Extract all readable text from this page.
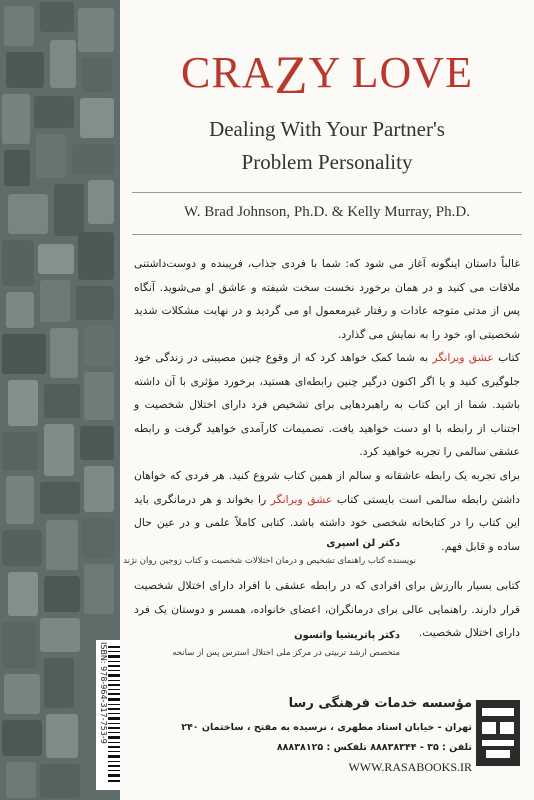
ISBN: 978-964-317-753-9
CRAZY LOVE
Dealing With Your Partner's
Problem Personality
W. Brad Johnson, Ph.D. & Kelly Murray, Ph.D.
غالباً داستان اینگونه آغاز می شود که: شما با فردی جذاب، فریبنده و دوست‌داشتنی ملاقات می کنید و در همان برخورد نخست سخت شیفته و عاشق او می‌شوید. آنگاه پس از مدتی متوجه عادات و رفتار غیرمعمول او می گردید و در نهایت مشکلات شدید شخصیتی او، خود را به نمایش می گذارد.
کتاب عشق ویرانگر به شما کمک خواهد کرد که از وقوع چنین مصیبتی در زندگی خود جلوگیری کنید و یا اگر اکنون درگیر چنین رابطه‌ای هستید، برخورد مؤثری با آن داشته باشید. شما از این کتاب به راهبردهایی برای تشخیص فرد دارای اختلال شخصیت و اجتناب از رابطه با او دست خواهید یافت. تصمیمات کارآمدی خواهید گرفت و رابطه عشقی سالمی را تجربه خواهید کرد.
برای تجربه یک رابطه عاشقانه و سالم از همین کتاب شروع کنید. هر فردی که خواهان داشتن رابطه سالمی است بایستی کتاب عشق ویرانگر را بخواند و هر درمانگری باید این کتاب را در کتابخانه شخصی خود داشته باشد. کتابی کاملاً علمی و در عین حال ساده و قابل فهم.
دکتر لن اسپری
نویسنده کتاب راهنمای تشخیص و درمان اختلالات شخصیت و کتاب زوجین روان نژند
کتابی بسیار باارزش برای افرادی که در رابطه عشقی با افراد دارای اختلال شخصیت قرار دارند. راهنمایی عالی برای درمانگران، اعضای خانواده، همسر و دوستان یک فرد دارای اختلال شخصیت.
دکتر پاتریشیا واتسون
متخصص ارشد تربیتی در مرکز ملی اختلال استرس پس از سانحه
مؤسسه خدمات فرهنگی رسا
تهران - خیابان استاد مطهری ، نرسیده به مفتح ، ساختمان ۲۴۰
تلفن : ۳۵ - ۸۸۸۳۸۳۴۴ تلفکس : ۸۸۸۳۸۱۲۵
WWW.RASABOOKS.IR
